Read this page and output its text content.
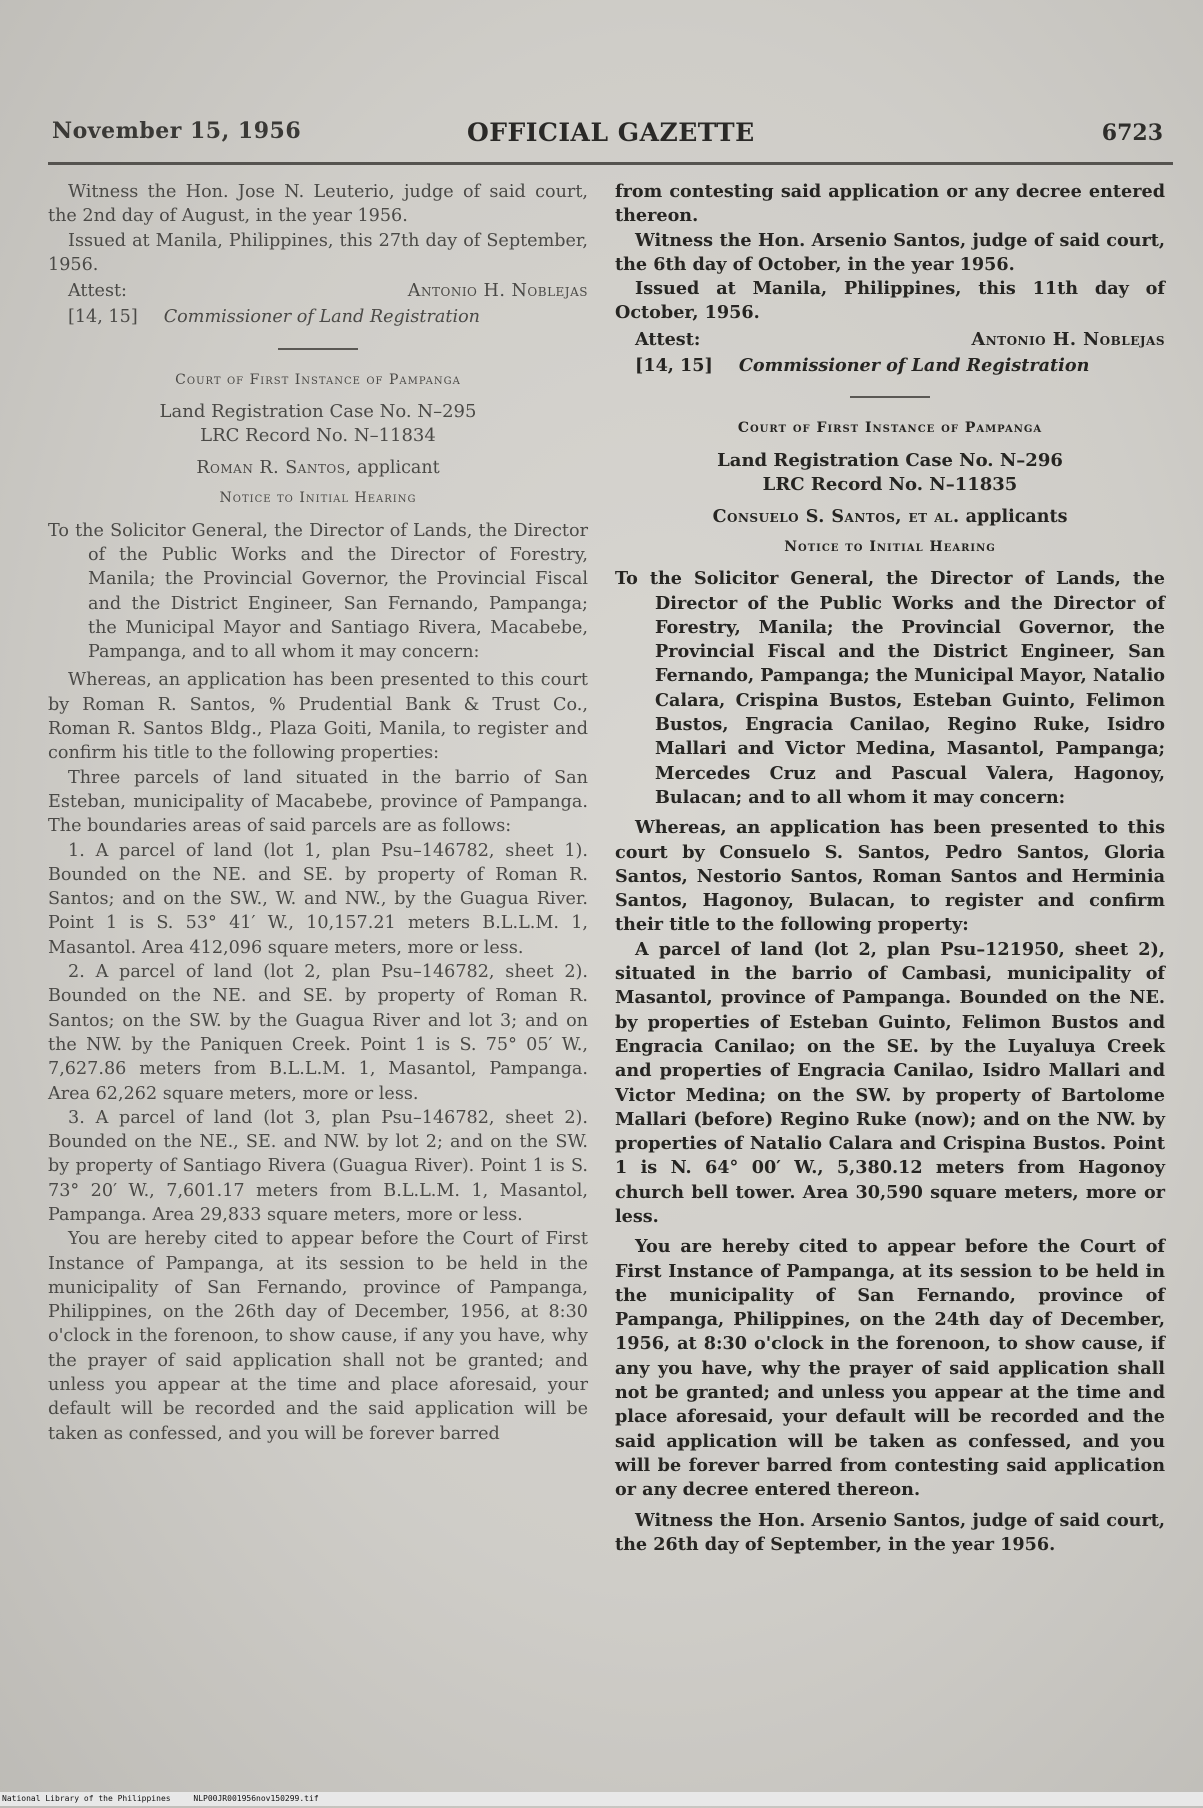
November 15, 1956	OFFICIAL GAZETTE	6723

Witness the Hon. Jose N. Leuterio, judge of said court, the 2nd day of August, in the year 1956.

Issued at Manila, Philippines, this 27th day of September, 1956.

Attest:	Antonio H. Noblejas
[14, 15] Commissioner of Land Registration
Court of First Instance of Pampanga
Land Registration Case No. N–295
LRC Record No. N–11834
Roman R. Santos, applicant
Notice to Initial Hearing

To the Solicitor General, the Director of Lands, the Director of the Public Works and the Director of Forestry, Manila; the Provincial Governor, the Provincial Fiscal and the District Engineer, San Fernando, Pampanga; the Municipal Mayor and Santiago Rivera, Macabebe, Pampanga, and to all whom it may concern:

Whereas, an application has been presented to this court by Roman R. Santos, % Prudential Bank & Trust Co., Roman R. Santos Bldg., Plaza Goiti, Manila, to register and confirm his title to the following properties:

Three parcels of land situated in the barrio of San Esteban, municipality of Macabebe, province of Pampanga. The boundaries areas of said parcels are as follows:

1. A parcel of land (lot 1, plan Psu–146782, sheet 1). Bounded on the NE. and SE. by property of Roman R. Santos; and on the SW., W. and NW., by the Guagua River. Point 1 is S. 53° 41′ W., 10,157.21 meters B.L.L.M. 1, Masantol. Area 412,096 square meters, more or less.

2. A parcel of land (lot 2, plan Psu–146782, sheet 2). Bounded on the NE. and SE. by property of Roman R. Santos; on the SW. by the Guagua River and lot 3; and on the NW. by the Paniquen Creek. Point 1 is S. 75° 05′ W., 7,627.86 meters from B.L.L.M. 1, Masantol, Pampanga. Area 62,262 square meters, more or less.

3. A parcel of land (lot 3, plan Psu–146782, sheet 2). Bounded on the NE., SE. and NW. by lot 2; and on the SW. by property of Santiago Rivera (Guagua River). Point 1 is S. 73° 20′ W., 7,601.17 meters from B.L.L.M. 1, Masantol, Pampanga. Area 29,833 square meters, more or less.

You are hereby cited to appear before the Court of First Instance of Pampanga, at its session to be held in the municipality of San Fernando, province of Pampanga, Philippines, on the 26th day of December, 1956, at 8:30 o'clock in the forenoon, to show cause, if any you have, why the prayer of said application shall not be granted; and unless you appear at the time and place aforesaid, your default will be recorded and the said application will be taken as confessed, and you will be forever barred

from contesting said application or any decree entered thereon.

Witness the Hon. Arsenio Santos, judge of said court, the 6th day of October, in the year 1956.

Issued at Manila, Philippines, this 11th day of October, 1956.

Attest:	Antonio H. Noblejas
[14, 15] Commissioner of Land Registration
Court of First Instance of Pampanga
Land Registration Case No. N–296
LRC Record No. N–11835
Consuelo S. Santos, et al. applicants
Notice to Initial Hearing

To the Solicitor General, the Director of Lands, the Director of the Public Works and the Director of Forestry, Manila; the Provincial Governor, the Provincial Fiscal and the District Engineer, San Fernando, Pampanga; the Municipal Mayor, Natalio Calara, Crispina Bustos, Esteban Guinto, Felimon Bustos, Engracia Canilao, Regino Ruke, Isidro Mallari and Victor Medina, Masantol, Pampanga; Mercedes Cruz and Pascual Valera, Hagonoy, Bulacan; and to all whom it may concern:

Whereas, an application has been presented to this court by Consuelo S. Santos, Pedro Santos, Gloria Santos, Nestorio Santos, Roman Santos and Herminia Santos, Hagonoy, Bulacan, to register and confirm their title to the following property:

A parcel of land (lot 2, plan Psu–121950, sheet 2), situated in the barrio of Cambasi, municipality of Masantol, province of Pampanga. Bounded on the NE. by properties of Esteban Guinto, Felimon Bustos and Engracia Canilao; on the SE. by the Luyaluya Creek and properties of Engracia Canilao, Isidro Mallari and Victor Medina; on the SW. by property of Bartolome Mallari (before) Regino Ruke (now); and on the NW. by properties of Natalio Calara and Crispina Bustos. Point 1 is N. 64° 00′ W., 5,380.12 meters from Hagonoy church bell tower. Area 30,590 square meters, more or less.

You are hereby cited to appear before the Court of First Instance of Pampanga, at its session to be held in the municipality of San Fernando, province of Pampanga, Philippines, on the 24th day of December, 1956, at 8:30 o'clock in the forenoon, to show cause, if any you have, why the prayer of said application shall not be granted; and unless you appear at the time and place aforesaid, your default will be recorded and the said application will be taken as confessed, and you will be forever barred from contesting said application or any decree entered thereon.

Witness the Hon. Arsenio Santos, judge of said court, the 26th day of September, in the year 1956.

National Library of the Philippines	NLP00JR001956nov150299.tif
